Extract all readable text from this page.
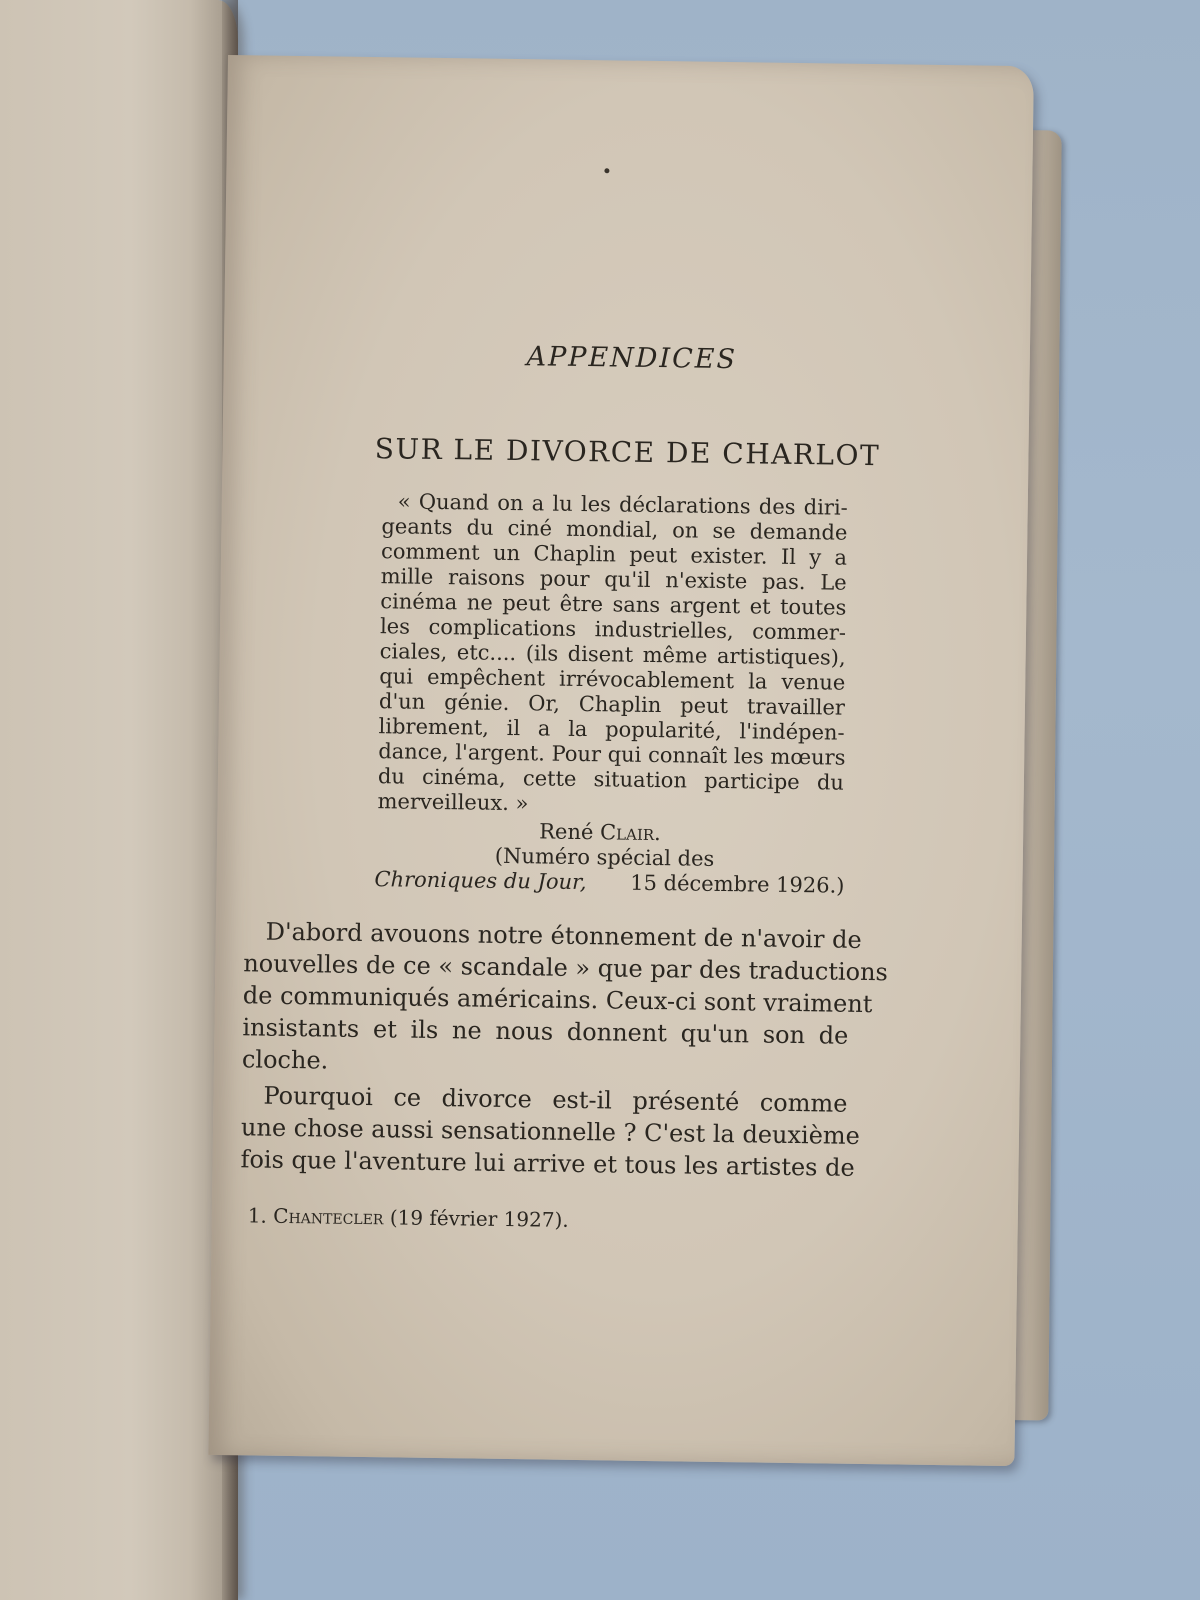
APPENDICES
SUR LE DIVORCE DE CHARLOT
« Quand on a lu les déclarations des diri-
geants du ciné mondial, on se demande
comment un Chaplin peut exister. Il y a
mille raisons pour qu'il n'existe pas. Le
cinéma ne peut être sans argent et toutes
les complications industrielles, commer-
ciales, etc.... (ils disent même artistiques),
qui empêchent irrévocablement la venue
d'un génie. Or, Chaplin peut travailler
librement, il a la popularité, l'indépen-
dance, l'argent. Pour qui connaît les mœurs
du cinéma, cette situation participe du
merveilleux. »
René Clair.
(Numéro spécial des
Chroniques du Jour, 15 décembre 1926.)
D'abord avouons notre étonnement de n'avoir de
nouvelles de ce « scandale » que par des traductions
de communiqués américains. Ceux-ci sont vraiment
insistants et ils ne nous donnent qu'un son de
cloche.
Pourquoi ce divorce est-il présenté comme
une chose aussi sensationnelle ? C'est la deuxième
fois que l'aventure lui arrive et tous les artistes de
1. Chantecler (19 février 1927).
